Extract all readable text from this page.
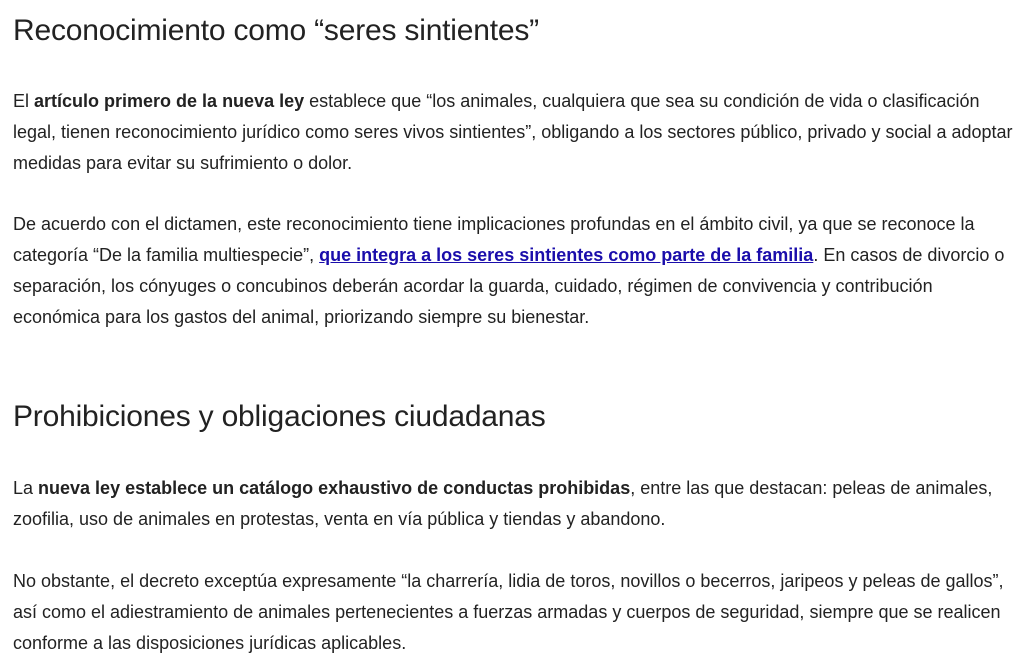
Reconocimiento como “seres sintientes”

El artículo primero de la nueva ley establece que “los animales, cualquiera que sea su condición de vida o clasificación legal, tienen reconocimiento jurídico como seres vivos sintientes”, obligando a los sectores público, privado y social a adoptar medidas para evitar su sufrimiento o dolor.

De acuerdo con el dictamen, este reconocimiento tiene implicaciones profundas en el ámbito civil, ya que se reconoce la categoría “De la familia multiespecie”, que integra a los seres sintientes como parte de la familia. En casos de divorcio o separación, los cónyuges o concubinos deberán acordar la guarda, cuidado, régimen de convivencia y contribución económica para los gastos del animal, priorizando siempre su bienestar.

Prohibiciones y obligaciones ciudadanas

La nueva ley establece un catálogo exhaustivo de conductas prohibidas, entre las que destacan: peleas de animales, zoofilia, uso de animales en protestas, venta en vía pública y tiendas y abandono.

No obstante, el decreto exceptúa expresamente “la charrería, lidia de toros, novillos o becerros, jaripeos y peleas de gallos”, así como el adiestramiento de animales pertenecientes a fuerzas armadas y cuerpos de seguridad, siempre que se realicen conforme a las disposiciones jurídicas aplicables.
